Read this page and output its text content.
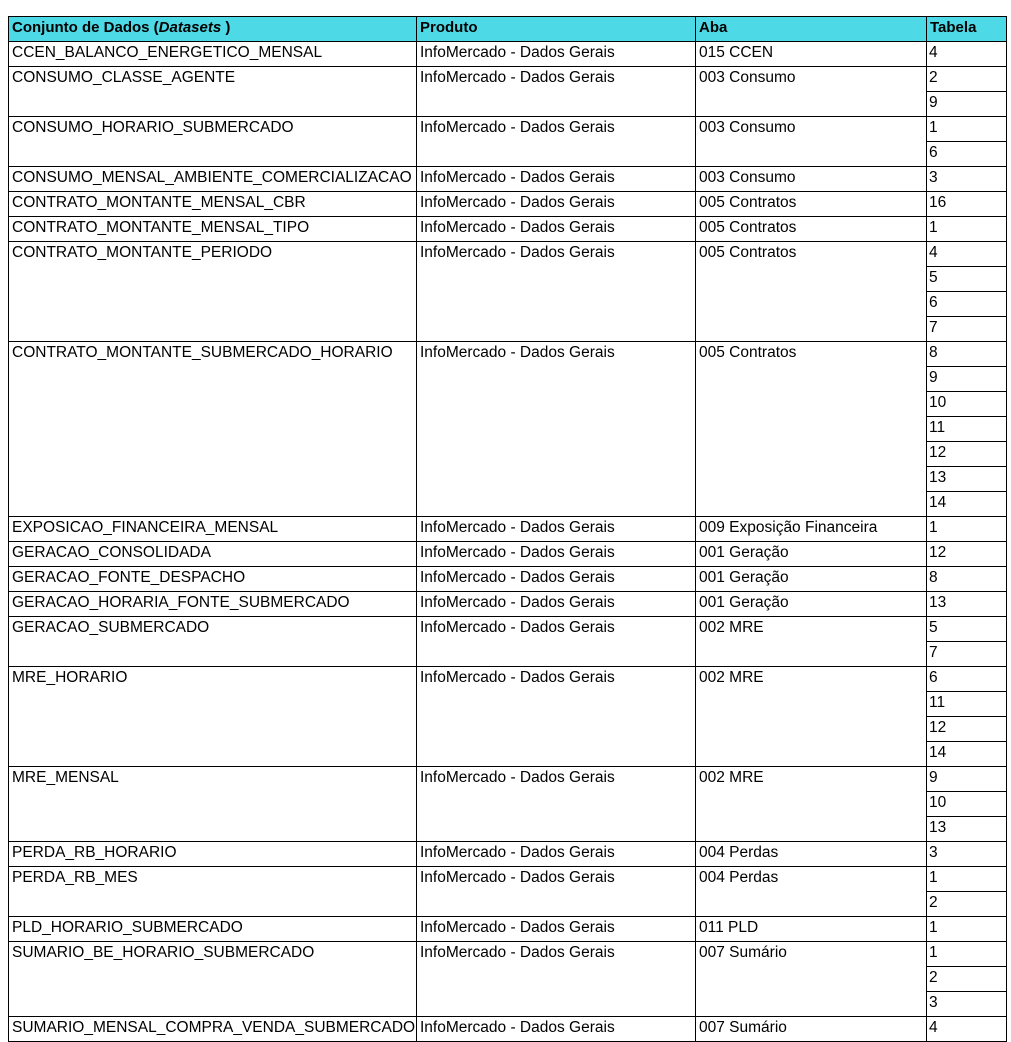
Conjunto de Dados (Datasets )	Produto	Aba	Tabela
CCEN_BALANCO_ENERGETICO_MENSAL	InfoMercado - Dados Gerais	015 CCEN	4
CONSUMO_CLASSE_AGENTE	InfoMercado - Dados Gerais	003 Consumo	2
			9
CONSUMO_HORARIO_SUBMERCADO	InfoMercado - Dados Gerais	003 Consumo	1
			6
CONSUMO_MENSAL_AMBIENTE_COMERCIALIZACAO	InfoMercado - Dados Gerais	003 Consumo	3
CONTRATO_MONTANTE_MENSAL_CBR	InfoMercado - Dados Gerais	005 Contratos	16
CONTRATO_MONTANTE_MENSAL_TIPO	InfoMercado - Dados Gerais	005 Contratos	1
CONTRATO_MONTANTE_PERIODO	InfoMercado - Dados Gerais	005 Contratos	4
			5
			6
			7
CONTRATO_MONTANTE_SUBMERCADO_HORARIO	InfoMercado - Dados Gerais	005 Contratos	8
			9
			10
			11
			12
			13
			14
EXPOSICAO_FINANCEIRA_MENSAL	InfoMercado - Dados Gerais	009 Exposição Financeira	1
GERACAO_CONSOLIDADA	InfoMercado - Dados Gerais	001 Geração	12
GERACAO_FONTE_DESPACHO	InfoMercado - Dados Gerais	001 Geração	8
GERACAO_HORARIA_FONTE_SUBMERCADO	InfoMercado - Dados Gerais	001 Geração	13
GERACAO_SUBMERCADO	InfoMercado - Dados Gerais	002 MRE	5
			7
MRE_HORARIO	InfoMercado - Dados Gerais	002 MRE	6
			11
			12
			14
MRE_MENSAL	InfoMercado - Dados Gerais	002 MRE	9
			10
			13
PERDA_RB_HORARIO	InfoMercado - Dados Gerais	004 Perdas	3
PERDA_RB_MES	InfoMercado - Dados Gerais	004 Perdas	1
			2
PLD_HORARIO_SUBMERCADO	InfoMercado - Dados Gerais	011 PLD	1
SUMARIO_BE_HORARIO_SUBMERCADO	InfoMercado - Dados Gerais	007 Sumário	1
			2
			3
SUMARIO_MENSAL_COMPRA_VENDA_SUBMERCADO	InfoMercado - Dados Gerais	007 Sumário	4
